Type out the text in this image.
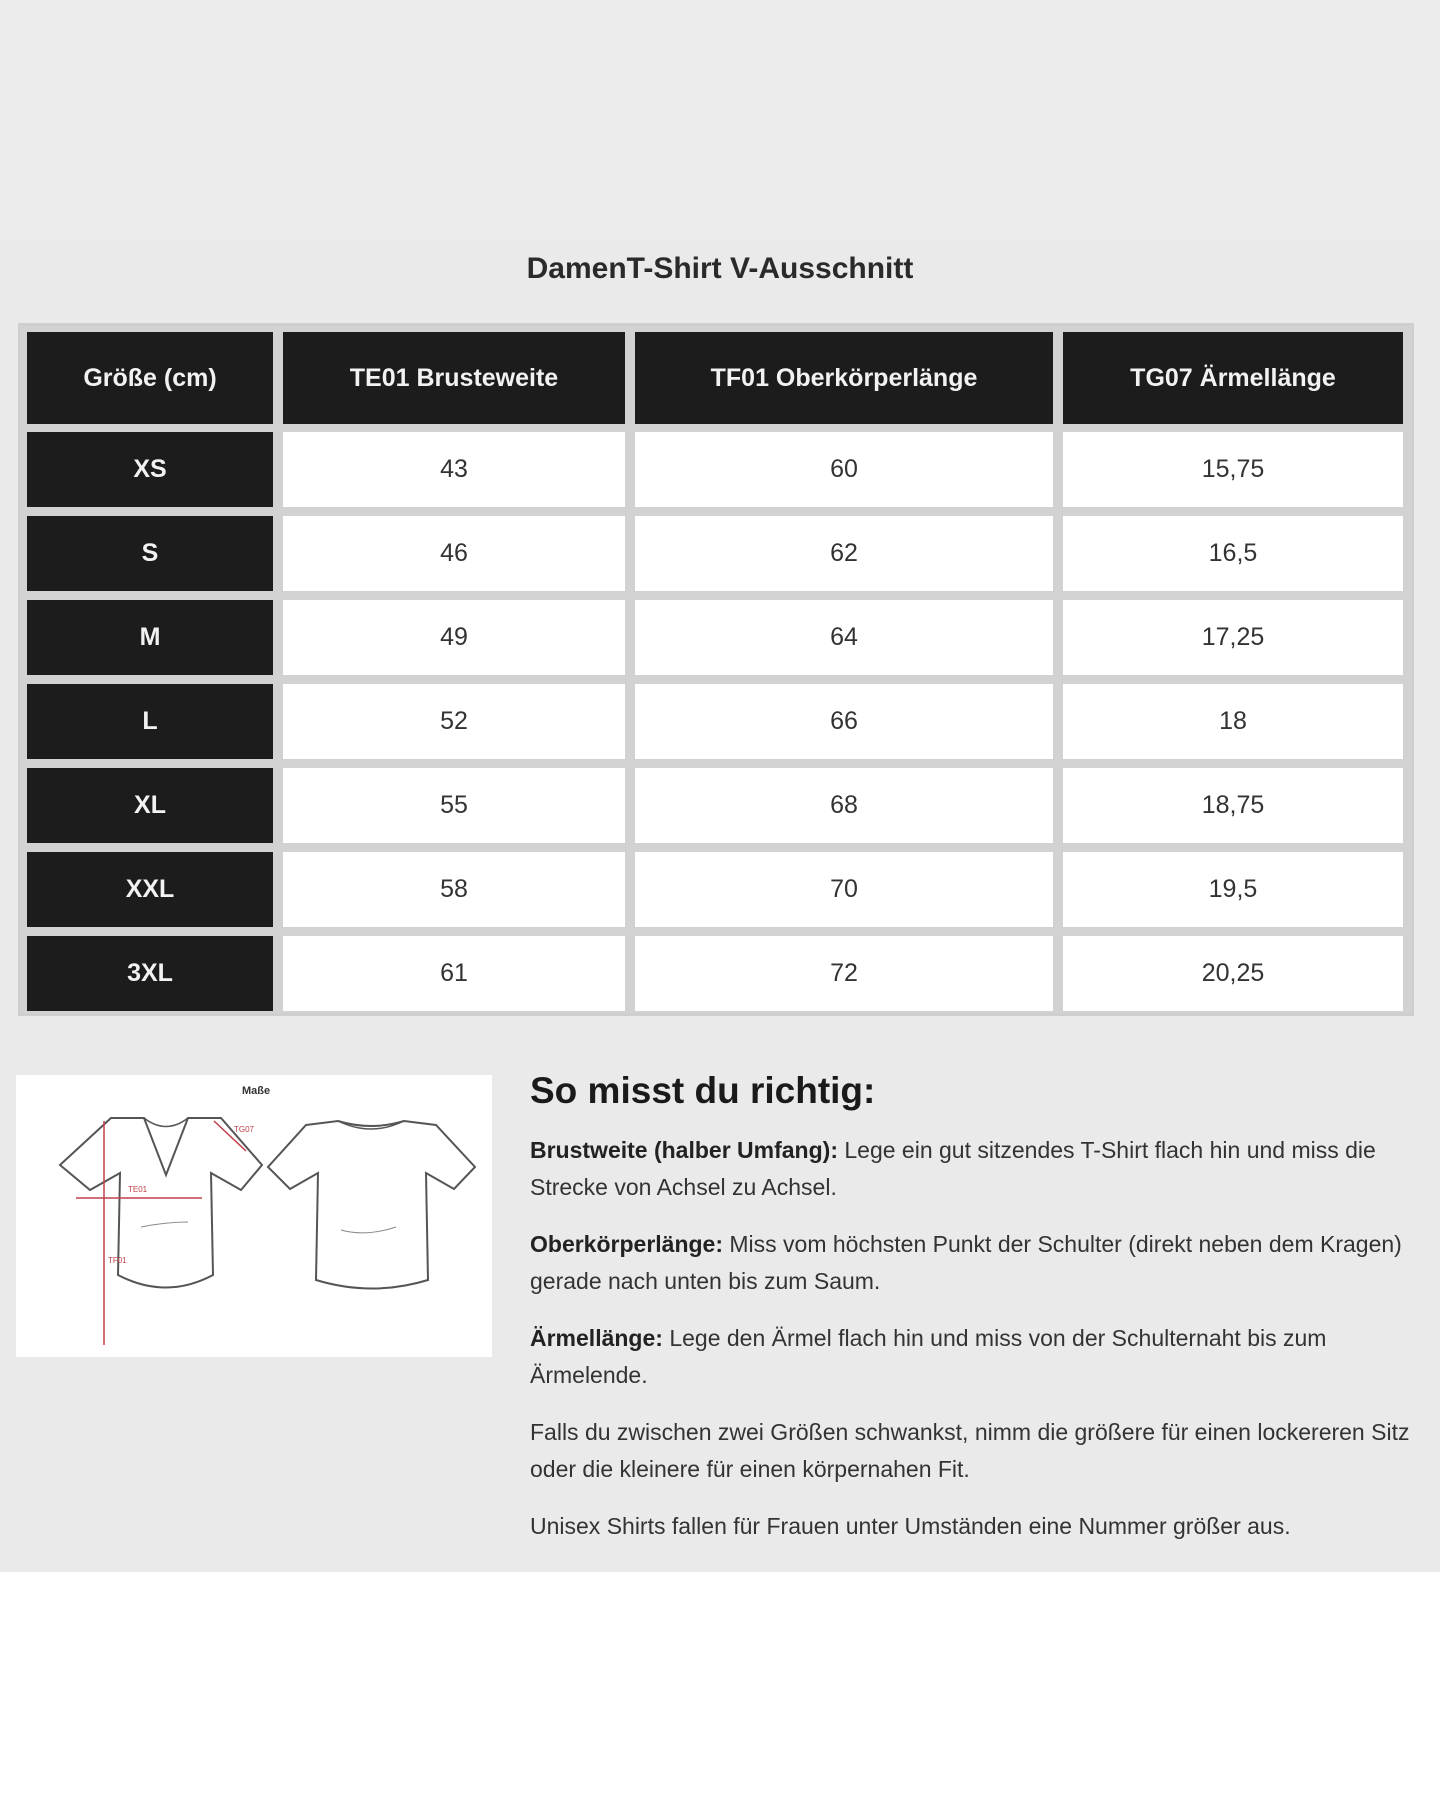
DamenT-Shirt V-Ausschnitt
Größe (cm)	TE01 Brusteweite	TF01 Oberkörperlänge	TG07 Ärmellänge
XS	43	60	15,75
S	46	62	16,5
M	49	64	17,25
L	52	66	18
XL	55	68	18,75
XXL	58	70	19,5
3XL	61	72	20,25
Maße
TE01
TF01
TG07
So misst du richtig:

Brustweite (halber Umfang): Lege ein gut sitzendes T-Shirt flach hin und miss die Strecke von Achsel zu Achsel.

Oberkörperlänge: Miss vom höchsten Punkt der Schulter (direkt neben dem Kragen) gerade nach unten bis zum Saum.

Ärmellänge: Lege den Ärmel flach hin und miss von der Schulternaht bis zum Ärmelende.

Falls du zwischen zwei Größen schwankst, nimm die größere für einen lockereren Sitz oder die kleinere für einen körpernahen Fit.

Unisex Shirts fallen für Frauen unter Umständen eine Nummer größer aus.
